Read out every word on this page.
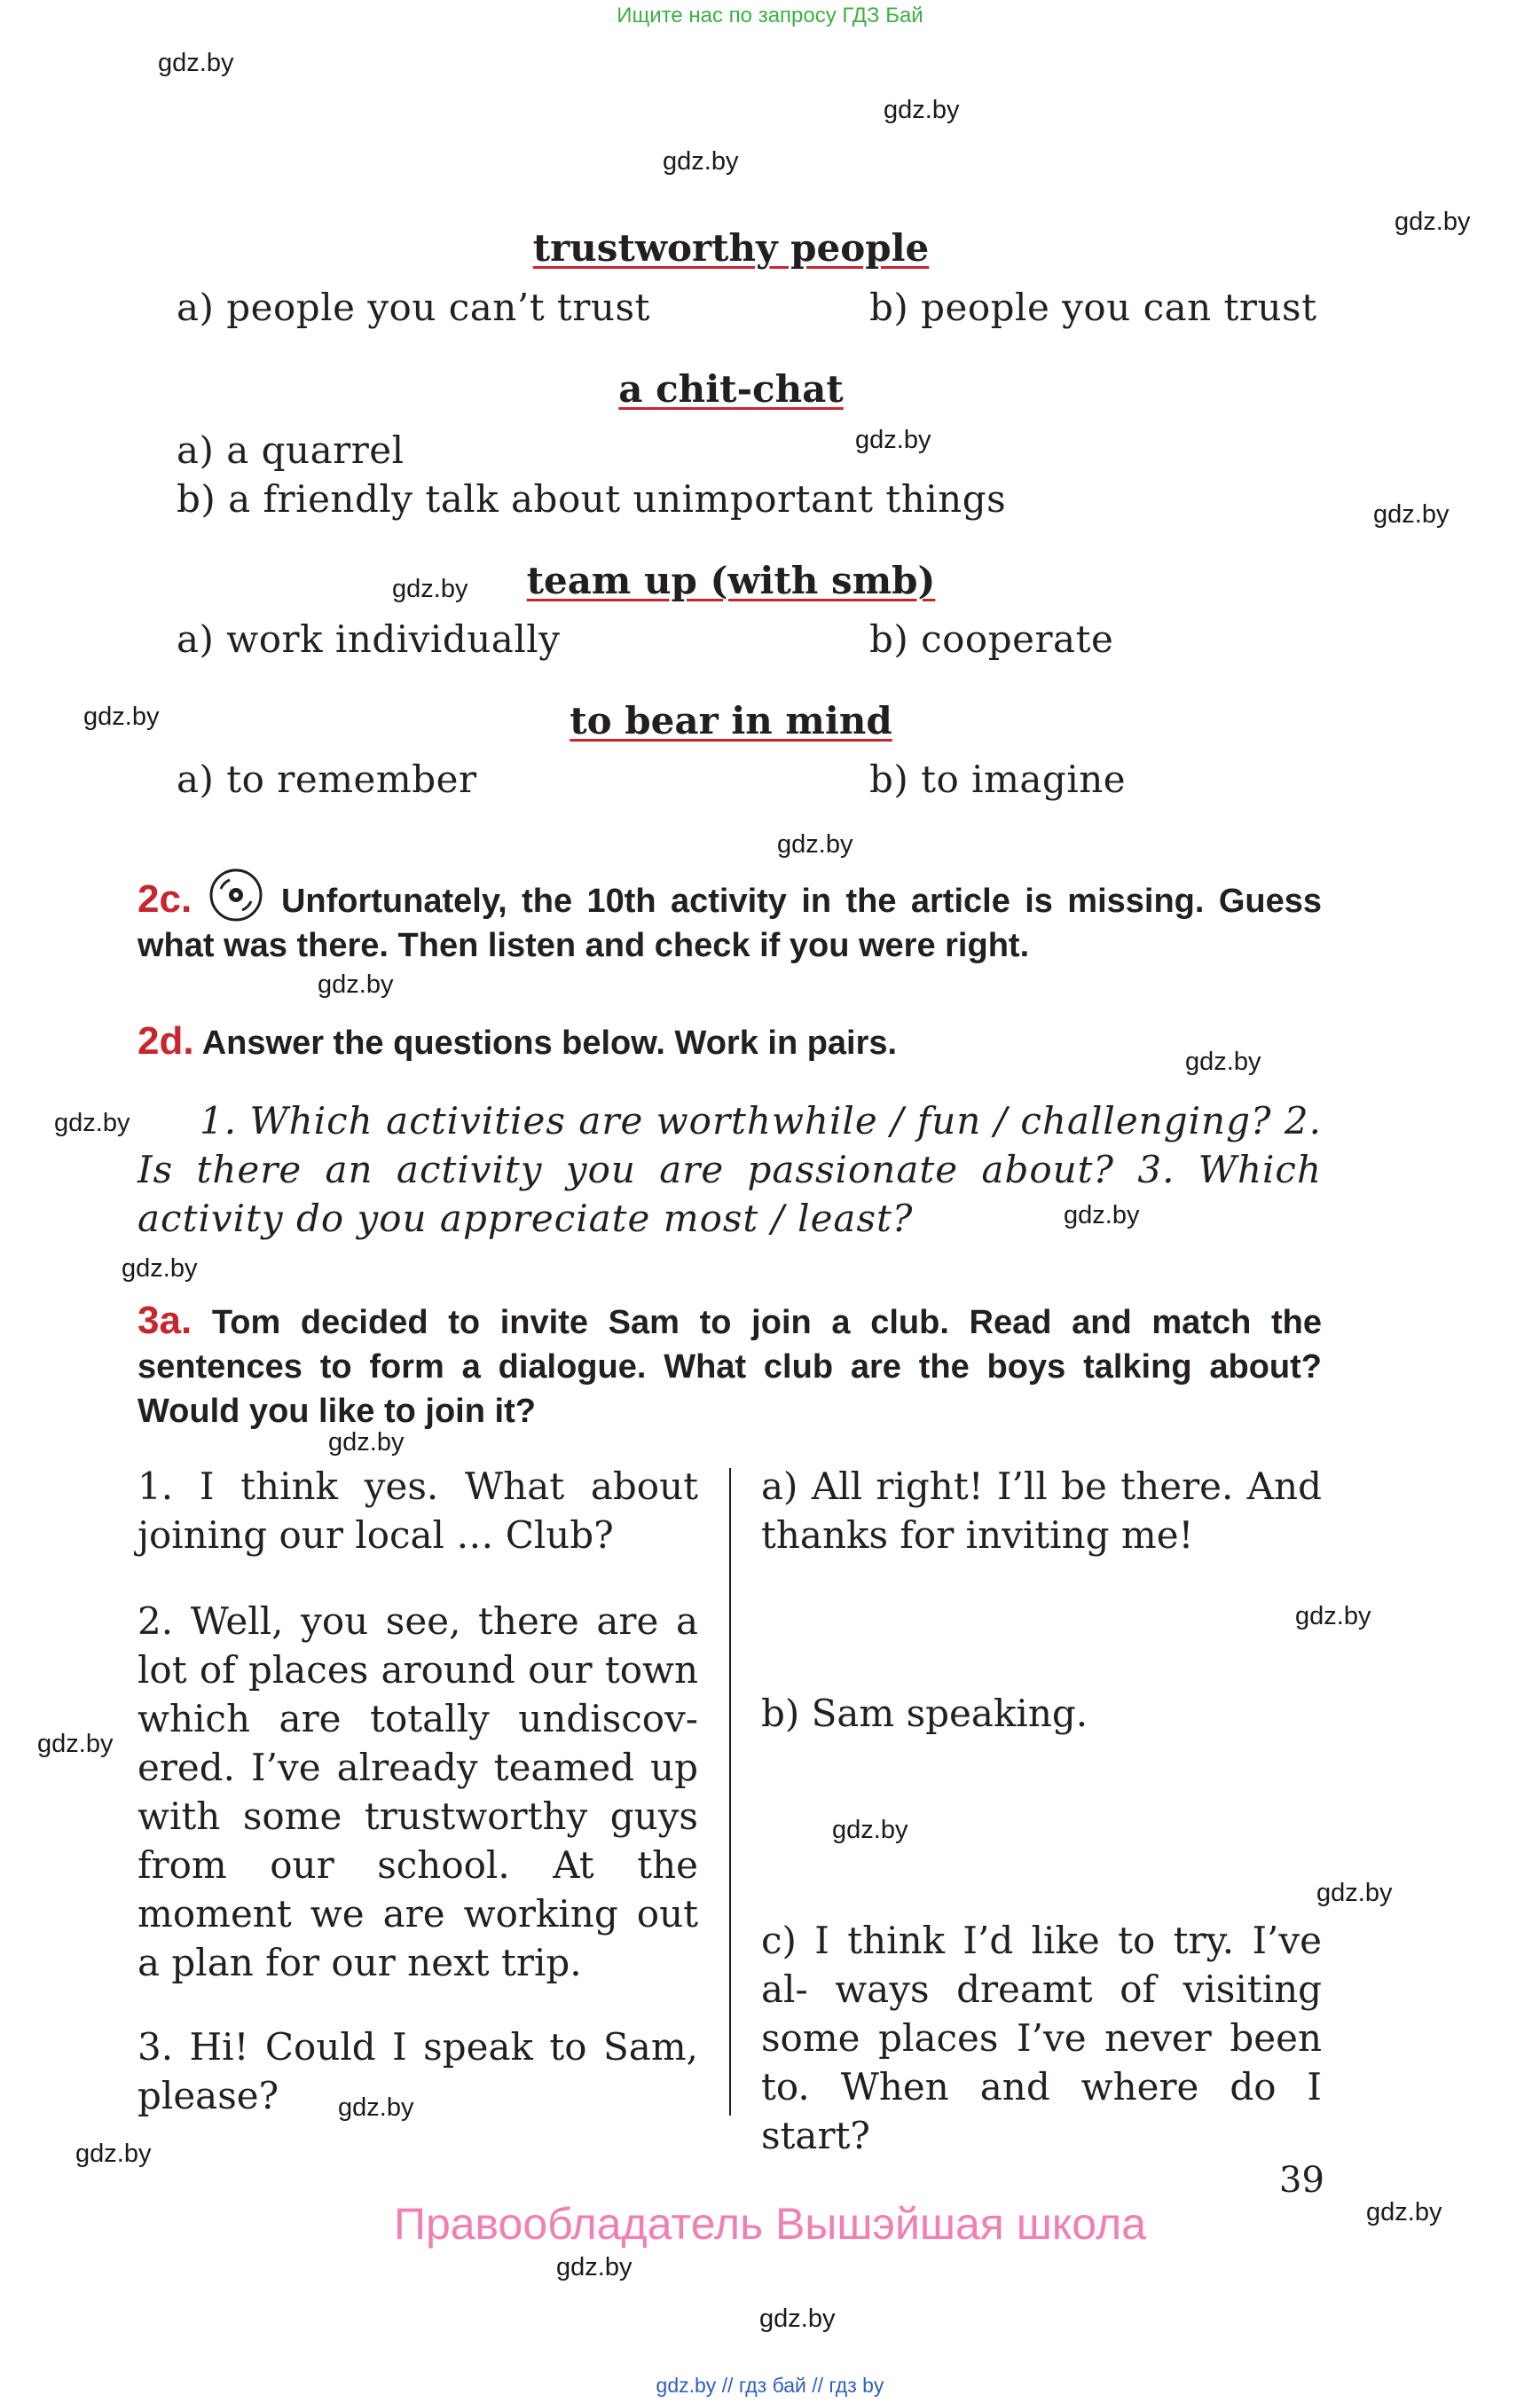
Ищите нас по запросу ГДЗ Бай
gdz.by
gdz.by
gdz.by
gdz.by
gdz.by
gdz.by
gdz.by
gdz.by
gdz.by
gdz.by
gdz.by
gdz.by
gdz.by
gdz.by
gdz.by
gdz.by
gdz.by
gdz.by
gdz.by
gdz.by
gdz.by
gdz.by
gdz.by
gdz.by
trustworthy people
a) people you can’t trust	b) people you can trust
a chit-chat
a) a quarrel
b) a friendly talk about unimportant things
team up (with smb)
a) work individually	b) cooperate
to bear in mind
a) to remember	b) to imagine
2c.	Unfortunately, the 10th activity in the article is missing. Guess what was there. Then listen and check if you were right.
2d. Answer the questions below. Work in pairs.
1. Which activities are worthwhile / fun / challenging? 2. Is there an activity you are passionate about? 3. Which activity do you appreciate most / least?
3a. Tom decided to invite Sam to join a club. Read and match the sentences to form a dialogue. What club are the boys talking about? Would you like to join it?
1. I think yes. What about joining our local … Club?
2. Well, you see, there are a lot of places around our town which are totally undiscov- ered. I’ve already teamed up with some trustworthy guys from our school. At the moment we are working out a plan for our next trip.
3. Hi! Could I speak to Sam, please?
a) All right! I’ll be there. And thanks for inviting me!
b) Sam speaking.
c) I think I’d like to try. I’ve al- ways dreamt of visiting some places I’ve never been to. When and where do I start?
39
Правообладатель Вышэйшая школа
gdz.by // гдз бай // гдз by
